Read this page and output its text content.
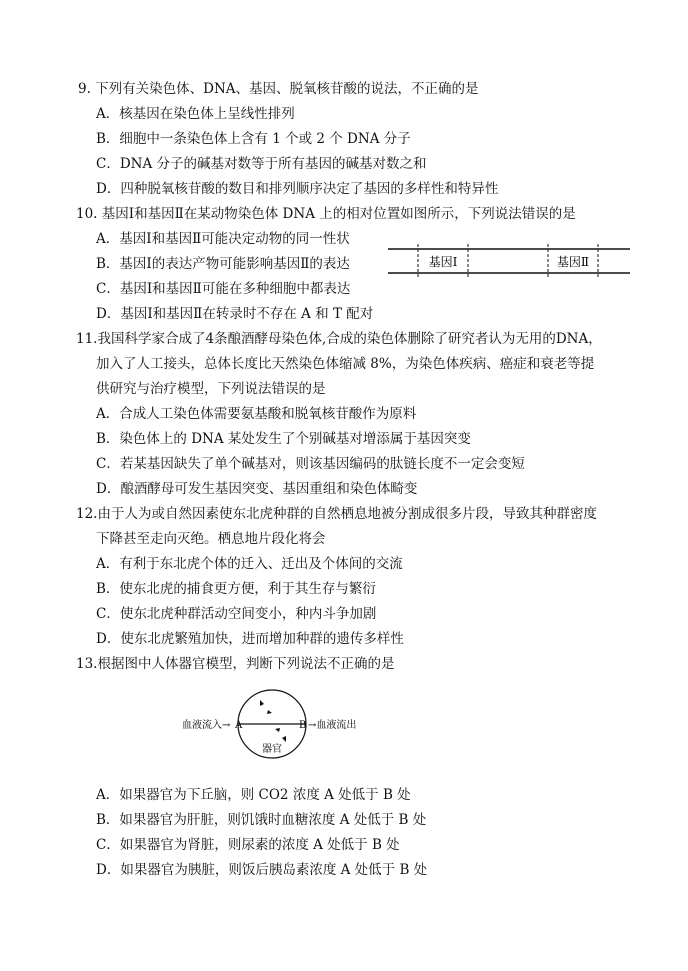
9. 下列有关染色体、DNA、基因、脱氧核苷酸的说法，不正确的是
A．核基因在染色体上呈线性排列
B．细胞中一条染色体上含有 1 个或 2 个 DNA 分子
C．DNA 分子的碱基对数等于所有基因的碱基对数之和
D．四种脱氧核苷酸的数目和排列顺序决定了基因的多样性和特异性
10. 基因Ⅰ和基因Ⅱ在某动物染色体 DNA 上的相对位置如图所示，下列说法错误的是
A．基因Ⅰ和基因Ⅱ可能决定动物的同一性状
B．基因Ⅰ的表达产物可能影响基因Ⅱ的表达
C．基因Ⅰ和基因Ⅱ可能在多种细胞中都表达
D．基因Ⅰ和基因Ⅱ在转录时不存在 A 和 T 配对
基因Ⅰ	基因Ⅱ
11.我国科学家合成了4条酿酒酵母染色体,合成的染色体删除了研究者认为无用的DNA，
加入了人工接头，总体长度比天然染色体缩减 8%，为染色体疾病、癌症和衰老等提
供研究与治疗模型，下列说法错误的是
A．合成人工染色体需要氨基酸和脱氧核苷酸作为原料
B．染色体上的 DNA 某处发生了个别碱基对增添属于基因突变
C．若某基因缺失了单个碱基对，则该基因编码的肽链长度不一定会变短
D．酿酒酵母可发生基因突变、基因重组和染色体畸变
12.由于人为或自然因素使东北虎种群的自然栖息地被分割成很多片段，导致其种群密度
下降甚至走向灭绝。栖息地片段化将会
A．有利于东北虎个体的迁入、迁出及个体间的交流
B．使东北虎的捕食更方便，利于其生存与繁衍
C．使东北虎种群活动空间变小，种内斗争加剧
D．使东北虎繁殖加快，进而增加种群的遗传多样性
13.根据图中人体器官模型，判断下列说法不正确的是
血液流入→ A	B →血液流出
器官
A．如果器官为下丘脑，则 CO2 浓度 A 处低于 B 处
B．如果器官为肝脏，则饥饿时血糖浓度 A 处低于 B 处
C．如果器官为肾脏，则尿素的浓度 A 处低于 B 处
D．如果器官为胰脏，则饭后胰岛素浓度 A 处低于 B 处
